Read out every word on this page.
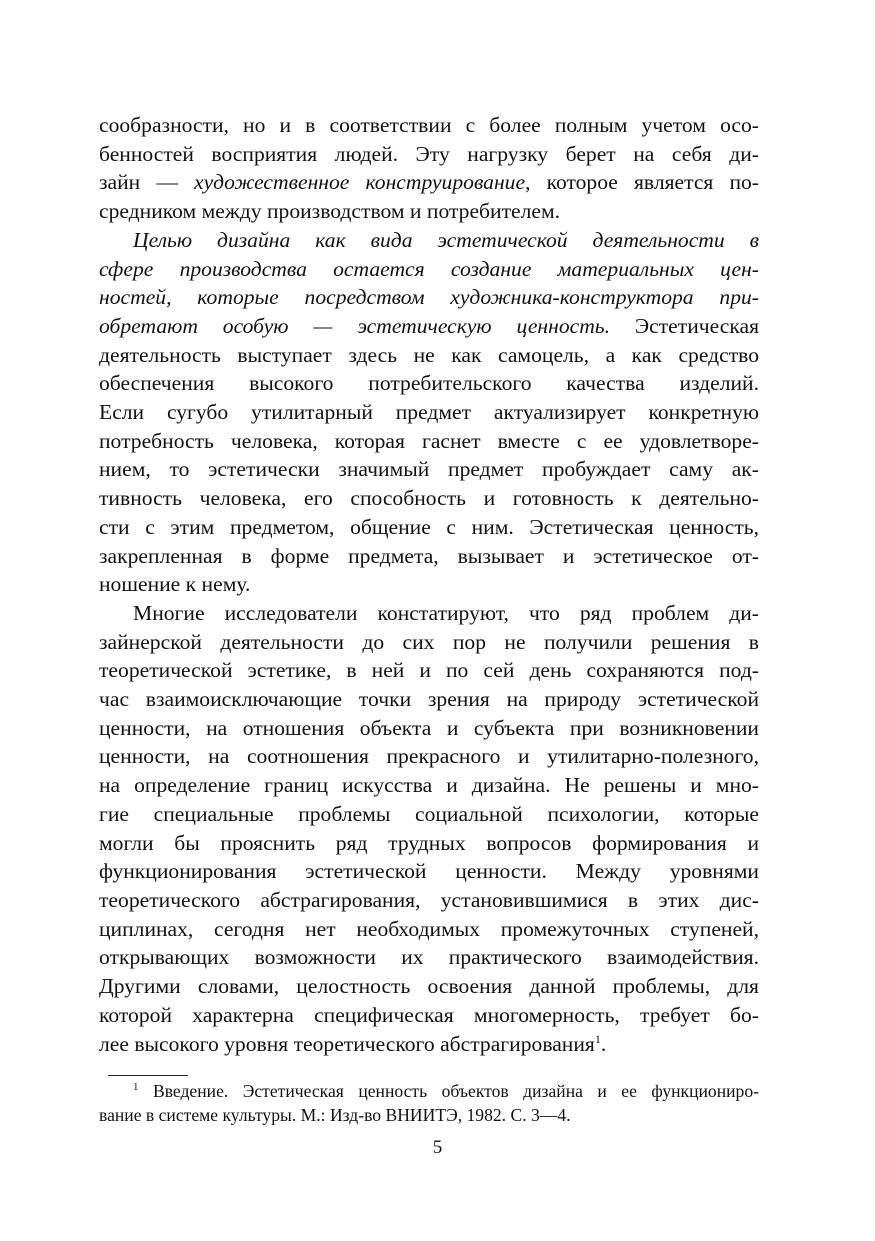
сообразности, но и в соответствии с более полным учетом осо-
бенностей восприятия людей. Эту нагрузку берет на себя ди-
зайн — художественное конструирование, которое является по-
средником между производством и потребителем.
Целью дизайна как вида эстетической деятельности в
сфере производства остается создание материальных цен-
ностей, которые посредством художника-конструктора при-
обретают особую — эстетическую ценность. Эстетическая
деятельность выступает здесь не как самоцель, а как средство
обеспечения высокого потребительского качества изделий.
Если сугубо утилитарный предмет актуализирует конкретную
потребность человека, которая гаснет вместе с ее удовлетворе-
нием, то эстетически значимый предмет пробуждает саму ак-
тивность человека, его способность и готовность к деятельно-
сти с этим предметом, общение с ним. Эстетическая ценность,
закрепленная в форме предмета, вызывает и эстетическое от-
ношение к нему.
Многие исследователи констатируют, что ряд проблем ди-
зайнерской деятельности до сих пор не получили решения в
теоретической эстетике, в ней и по сей день сохраняются под-
час взаимоисключающие точки зрения на природу эстетической
ценности, на отношения объекта и субъекта при возникновении
ценности, на соотношения прекрасного и утилитарно-полезного,
на определение границ искусства и дизайна. Не решены и мно-
гие специальные проблемы социальной психологии, которые
могли бы прояснить ряд трудных вопросов формирования и
функционирования эстетической ценности. Между уровнями
теоретического абстрагирования, установившимися в этих дис-
циплинах, сегодня нет необходимых промежуточных ступеней,
открывающих возможности их практического взаимодействия.
Другими словами, целостность освоения данной проблемы, для
которой характерна специфическая многомерность, требует бо-
лее высокого уровня теоретического абстрагирования$^1$.
$^1$ Введение. Эстетическая ценность объектов дизайна и ее функциониро-
вание в системе культуры. М.: Изд-во ВНИИТЭ, 1982. С. 3—4.
5
